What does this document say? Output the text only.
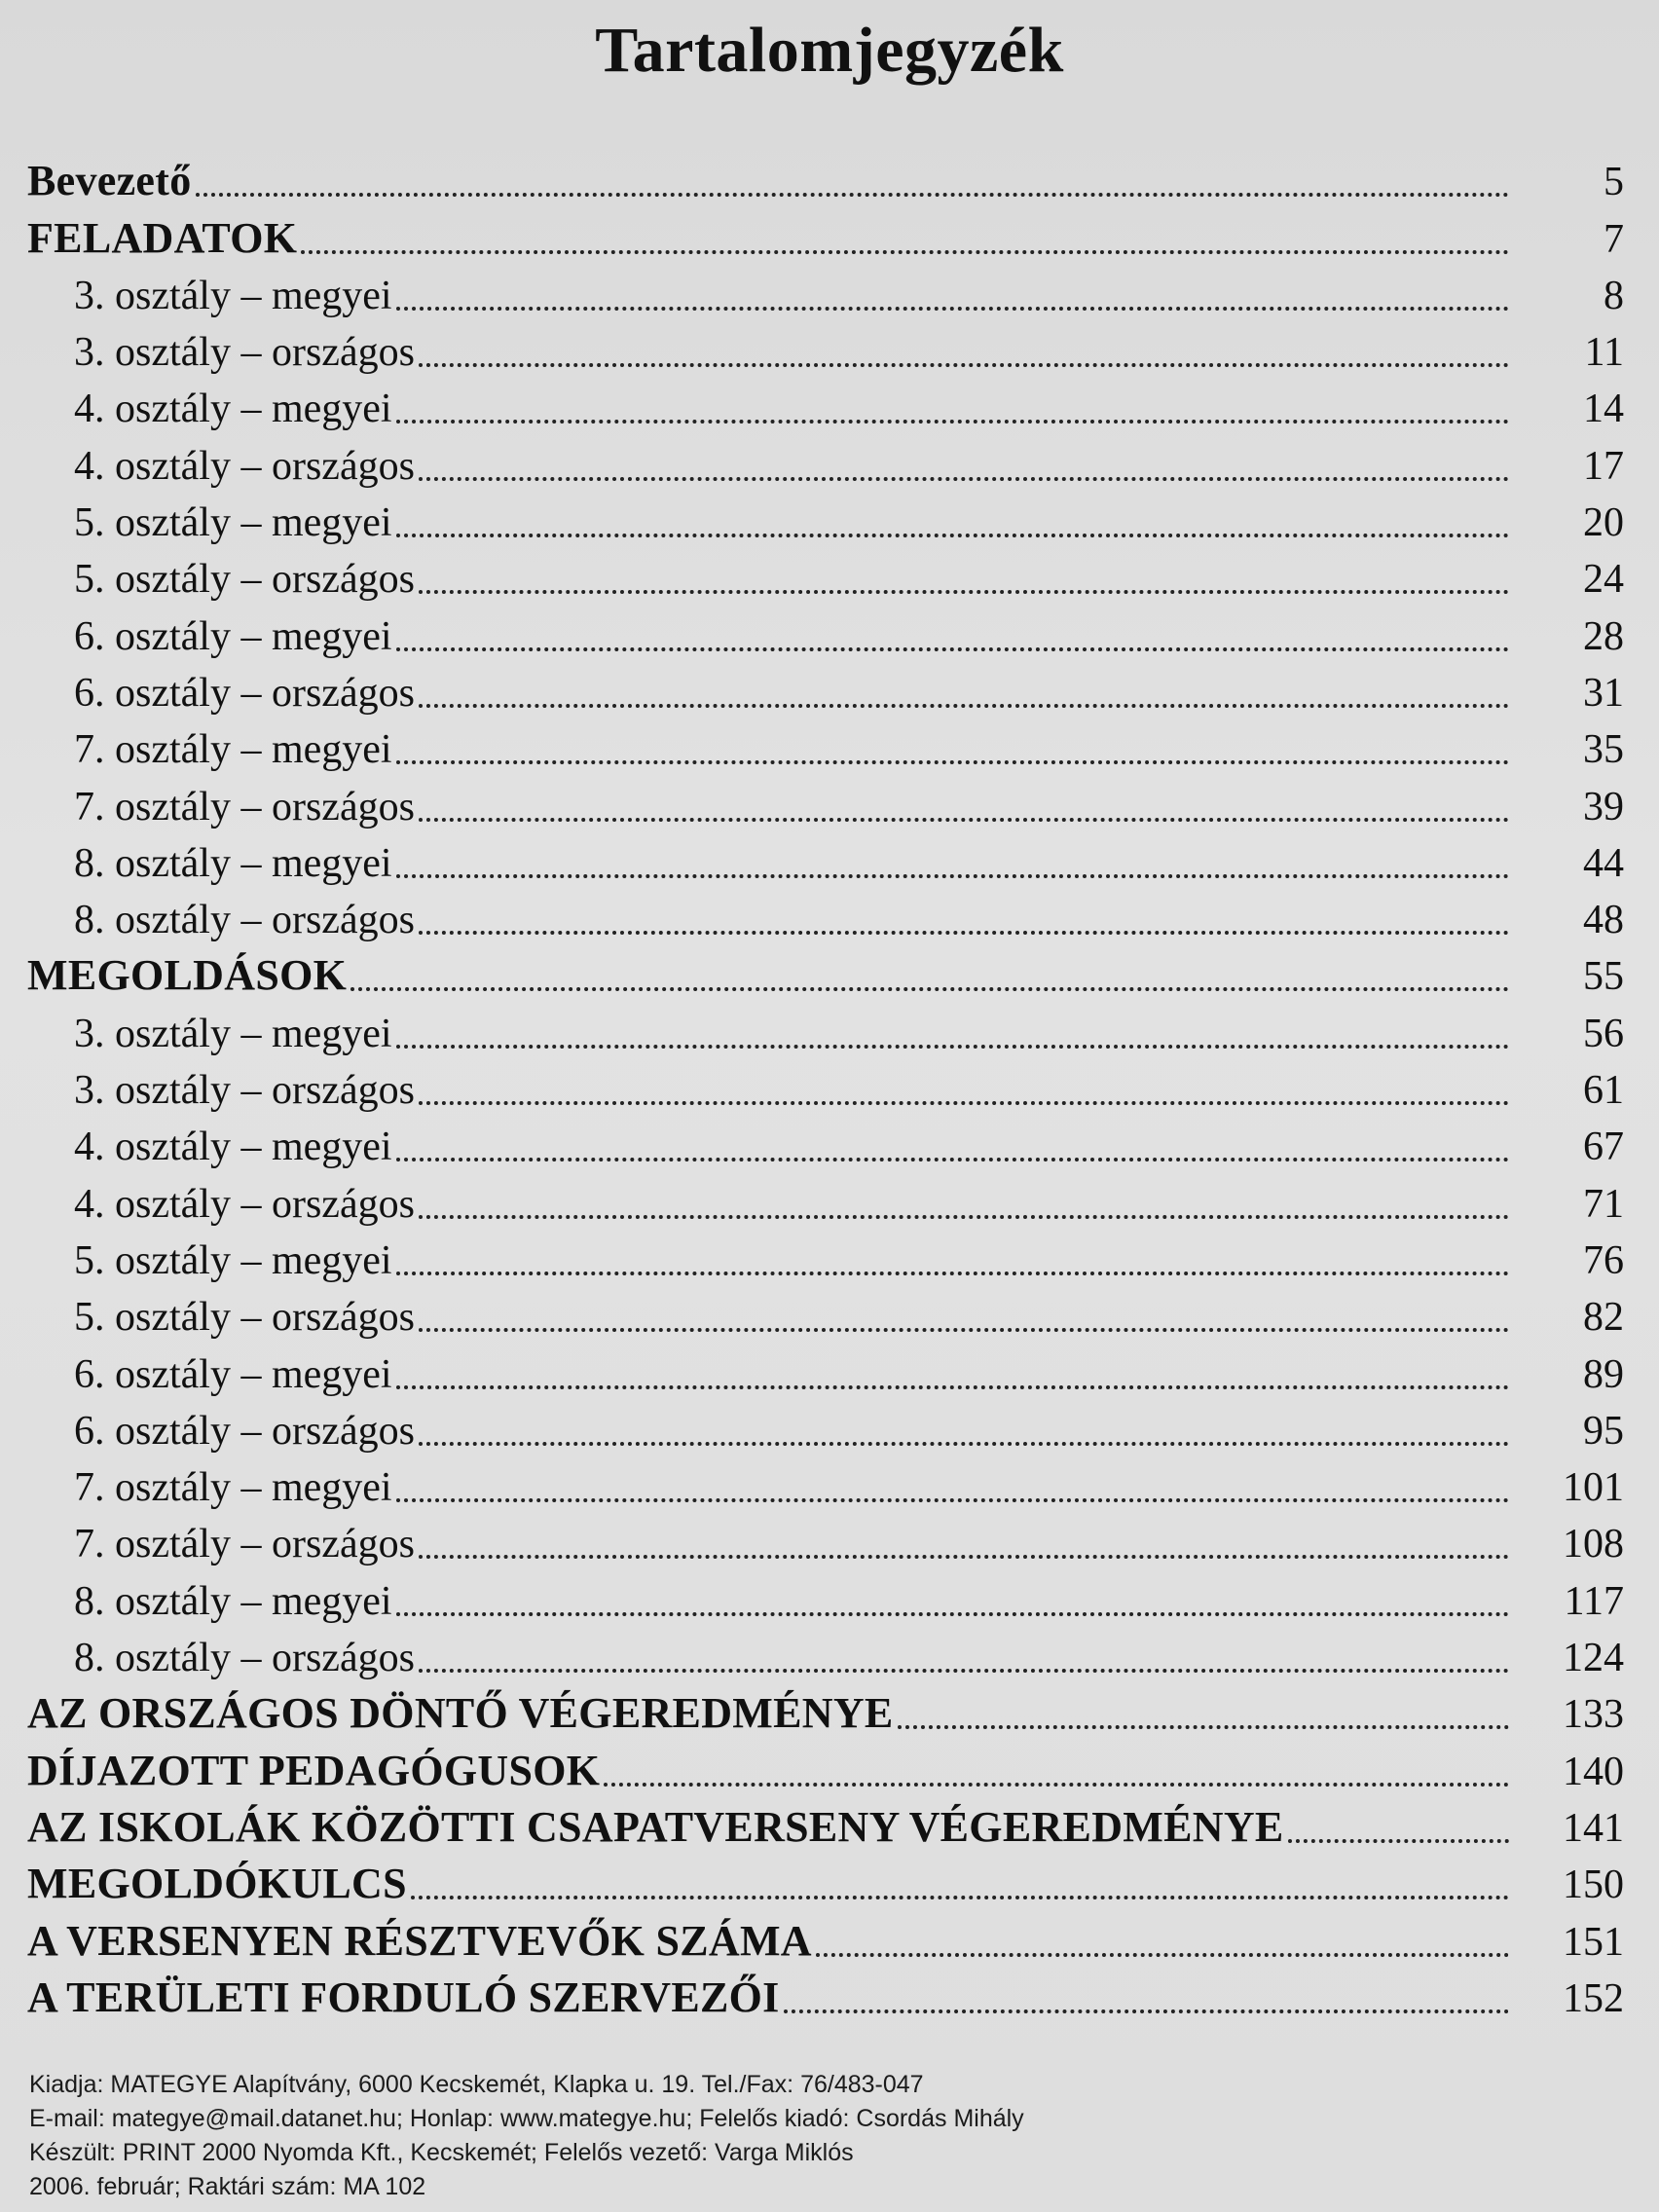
Tartalomjegyzék
Bevezető	5
FELADATOK	7
3. osztály – megyei	8
3. osztály – országos	11
4. osztály – megyei	14
4. osztály – országos	17
5. osztály – megyei	20
5. osztály – országos	24
6. osztály – megyei	28
6. osztály – országos	31
7. osztály – megyei	35
7. osztály – országos	39
8. osztály – megyei	44
8. osztály – országos	48
MEGOLDÁSOK	55
3. osztály – megyei	56
3. osztály – országos	61
4. osztály – megyei	67
4. osztály – országos	71
5. osztály – megyei	76
5. osztály – országos	82
6. osztály – megyei	89
6. osztály – országos	95
7. osztály – megyei	101
7. osztály – országos	108
8. osztály – megyei	117
8. osztály – országos	124
AZ ORSZÁGOS DÖNTŐ VÉGEREDMÉNYE	133
DÍJAZOTT PEDAGÓGUSOK	140
AZ ISKOLÁK KÖZÖTTI CSAPATVERSENY VÉGEREDMÉNYE	141
MEGOLDÓKULCS	150
A VERSENYEN RÉSZTVEVŐK SZÁMA	151
A TERÜLETI FORDULÓ SZERVEZŐI	152
Kiadja: MATEGYE Alapítvány, 6000 Kecskemét, Klapka u. 19. Tel./Fax: 76/483-047
E-mail: mategye@mail.datanet.hu; Honlap: www.mategye.hu; Felelős kiadó: Csordás Mihály
Készült: PRINT 2000 Nyomda Kft., Kecskemét; Felelős vezető: Varga Miklós
2006. február; Raktári szám: MA 102
